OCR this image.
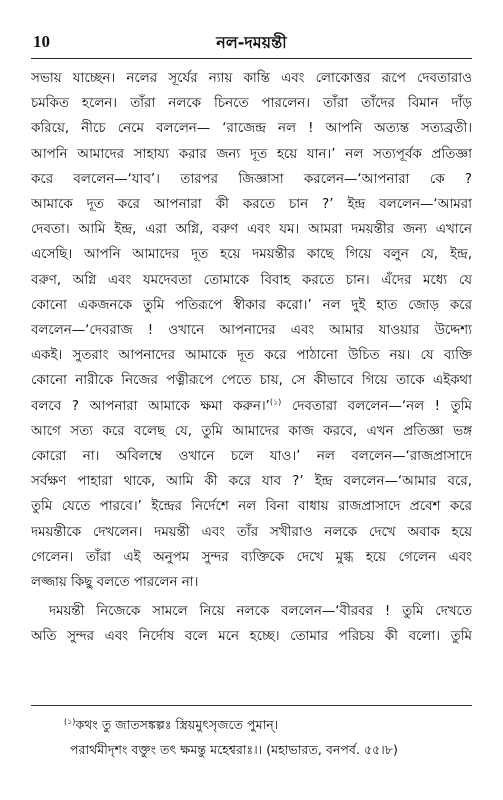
10	নল-দময়ন্তী

সভায় যাচ্ছেন। নলের সূর্যের ন্যায় কান্তি এবং লোকোত্তর রূপে দেবতারাও
চমকিত হলেন। তাঁরা নলকে চিনতে পারলেন। তাঁরা তাঁদের বিমান দাঁড়
করিয়ে, নীচে নেমে বললেন— ‘রাজেন্দ্র নল ! আপনি অত্যন্ত সত্যব্রতী।
আপনি আমাদের সাহায্য করার জন্য দূত হয়ে যান।’ নল সত্যপূর্বক প্রতিজ্ঞা
করে বললেন—‘যাব’। তারপর জিজ্ঞাসা করলেন—‘আপনারা কে ?
আমাকে দূত করে আপনারা কী করতে চান ?’ ইন্দ্র বললেন—‘আমরা
দেবতা। আমি ইন্দ্র, এরা অগ্নি, বরুণ এবং যম। আমরা দময়ন্তীর জন্য এখানে
এসেছি। আপনি আমাদের দূত হয়ে দময়ন্তীর কাছে গিয়ে বলুন যে, ইন্দ্র,
বরুণ, অগ্নি এবং যমদেবতা তোমাকে বিবাহ করতে চান। এঁদের মধ্যে যে
কোনো একজনকে তুমি পতিরূপে স্বীকার করো।’ নল দুই হাত জোড় করে
বললেন—‘দেবরাজ ! ওখানে আপনাদের এবং আমার যাওয়ার উদ্দেশ্য
একই। সুতরাং আপনাদের আমাকে দূত করে পাঠানো উচিত নয়। যে ব্যক্তি
কোনো নারীকে নিজের পত্নীরূপে পেতে চায়, সে কীভাবে গিয়ে তাকে এইকথা
বলবে ? আপনারা আমাকে ক্ষমা করুন।’$^{(১)}$ দেবতারা বললেন—‘নল ! তুমি
আগে সত্য করে বলেছ যে, তুমি আমাদের কাজ করবে, এখন প্রতিজ্ঞা ভঙ্গ
কোরো না। অবিলম্বে ওখানে চলে যাও।’ নল বললেন—‘রাজপ্রাসাদে
সর্বক্ষণ পাহারা থাকে, আমি কী করে যাব ?’ ইন্দ্র বললেন—‘আমার বরে,
তুমি যেতে পারবে।’ ইন্দ্রের নির্দেশে নল বিনা বাধায় রাজপ্রাসাদে প্রবেশ করে
দময়ন্তীকে দেখলেন। দময়ন্তী এবং তাঁর সখীরাও নলকে দেখে অবাক হয়ে
গেলেন। তাঁরা এই অনুপম সুন্দর ব্যক্তিকে দেখে মুগ্ধ হয়ে গেলেন এবং
লজ্জায় কিছু বলতে পারলেন না।

দময়ন্তী নিজেকে সামলে নিয়ে নলকে বললেন—‘বীরবর ! তুমি দেখতে
অতি সুন্দর এবং নির্দোষ বলে মনে হচ্ছে। তোমার পরিচয় কী বলো। তুমি

$^{(১)}$কথং তু জাতসঙ্কল্পঃ স্ত্রিয়মুৎসৃজতে পুমান্।
পরার্থমীদৃশং বক্তুং তৎ ক্ষমন্তু মহেশ্বরাঃ।। (মহাভারত, বনপর্ব. ৫৫।৮)
